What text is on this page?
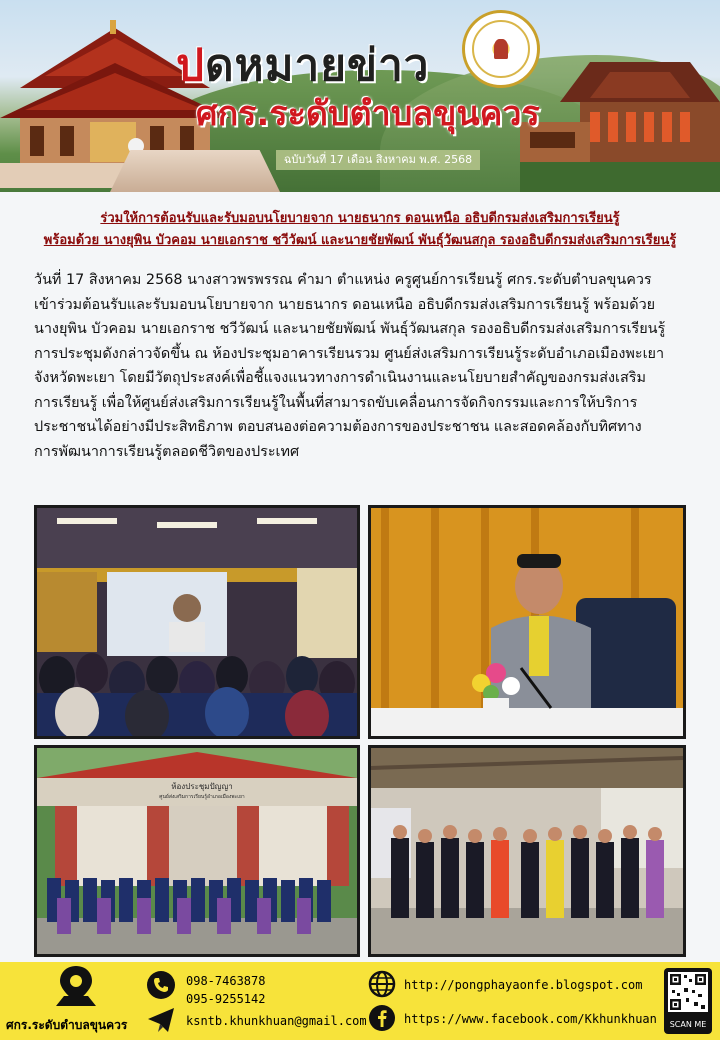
ปดหมายข่าว
ศกร.ระดับตำบลขุนควร
ฉบับวันที่ 17 เดือน สิงหาคม พ.ศ. 2568
ร่วมให้การต้อนรับและรับมอบนโยบายจาก นายธนากร ดอนเหนือ อธิบดีกรมส่งเสริมการเรียนรู้
พร้อมด้วย นางยุพิน บัวคอม นายเอกราช ชวีวัฒน์ และนายชัยพัฒน์ พันธุ์วัฒนสกุล รองอธิบดีกรมส่งเสริมการเรียนรู้
วันที่ 17 สิงหาคม 2568 นางสาวพรพรรณ คำมา ตำแหน่ง ครูศูนย์การเรียนรู้ ศกร.ระดับตำบลขุนควร
เข้าร่วมต้อนรับและรับมอบนโยบายจาก นายธนากร ดอนเหนือ อธิบดีกรมส่งเสริมการเรียนรู้ พร้อมด้วย
นางยุพิน บัวคอม นายเอกราช ชวีวัฒน์ และนายชัยพัฒน์ พันธุ์วัฒนสกุล รองอธิบดีกรมส่งเสริมการเรียนรู้
การประชุมดังกล่าวจัดขึ้น ณ ห้องประชุมอาคารเรียนรวม ศูนย์ส่งเสริมการเรียนรู้ระดับอำเภอเมืองพะเยา
จังหวัดพะเยา โดยมีวัตถุประสงค์เพื่อชี้แจงแนวทางการดำเนินงานและนโยบายสำคัญของกรมส่งเสริม
การเรียนรู้ เพื่อให้ศูนย์ส่งเสริมการเรียนรู้ในพื้นที่สามารถขับเคลื่อนการจัดกิจกรรมและการให้บริการ
ประชาชนได้อย่างมีประสิทธิภาพ ตอบสนองต่อความต้องการของประชาชน และสอดคล้องกับทิศทาง
การพัฒนาการเรียนรู้ตลอดชีวิตของประเทศ
ห้องประชุมปัญญา
ศูนย์ส่งเสริมการเรียนรู้อำเภอเมืองพะเยา
ศกร.ระดับตำบลขุนควร
098-7463878
095-9255142
ksntb.khunkhuan@gmail.com
http://pongphayaonfe.blogspot.com
https://www.facebook.com/Kkhunkhuan	SCAN ME
